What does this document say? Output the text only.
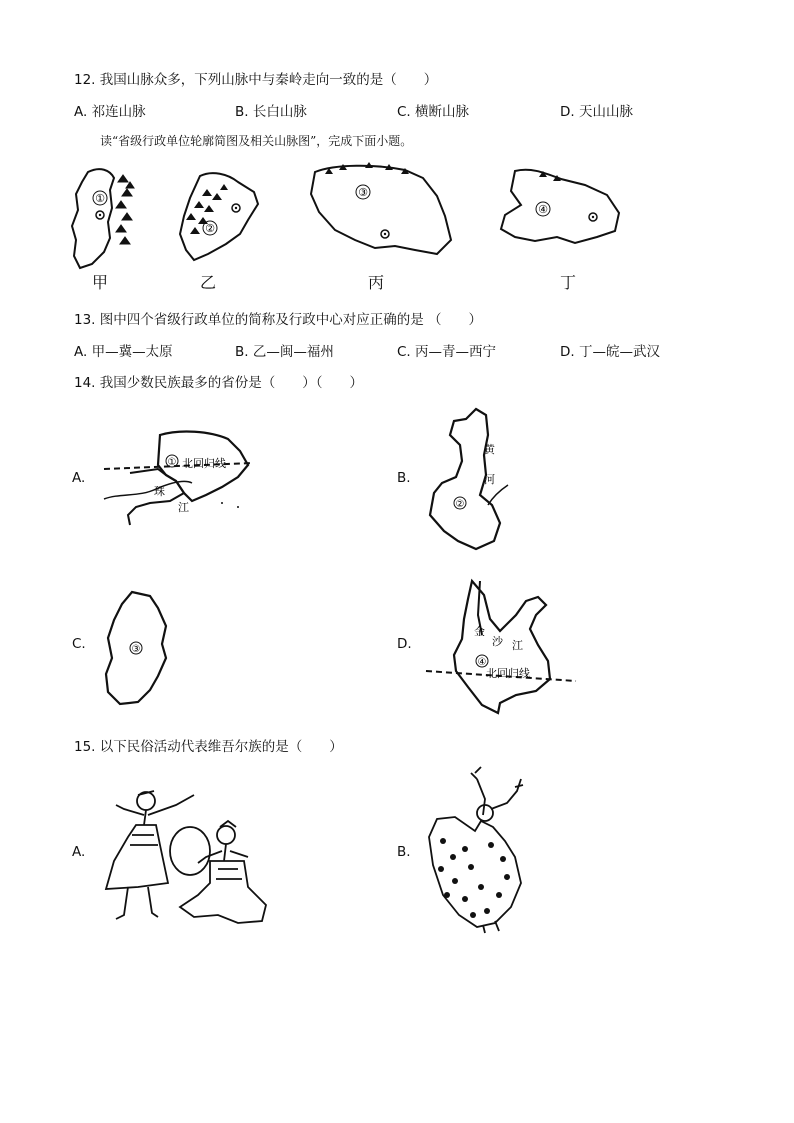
12. 我国山脉众多，下列山脉中与秦岭走向一致的是（　　）
A. 祁连山脉	B. 长白山脉	C. 横断山脉	D. 天山山脉
读“省级行政单位轮廓简图及相关山脉图”，完成下面小题。
①
甲
②
乙
③
丙
④
丁
13. 图中四个省级行政单位的简称及行政中心对应正确的是 （　　）
A. 甲—冀—太原	B. 乙—闽—福州	C. 丙—青—西宁	D. 丁—皖—武汉
14. 我国少数民族最多的省份是（　　）（　　）
A.
① 北回归线
珠
江
B.
②
黄
河
C.	③	D.
金
沙 江
④
北回归线
15. 以下民俗活动代表维吾尔族的是（　　）
A.	B.
